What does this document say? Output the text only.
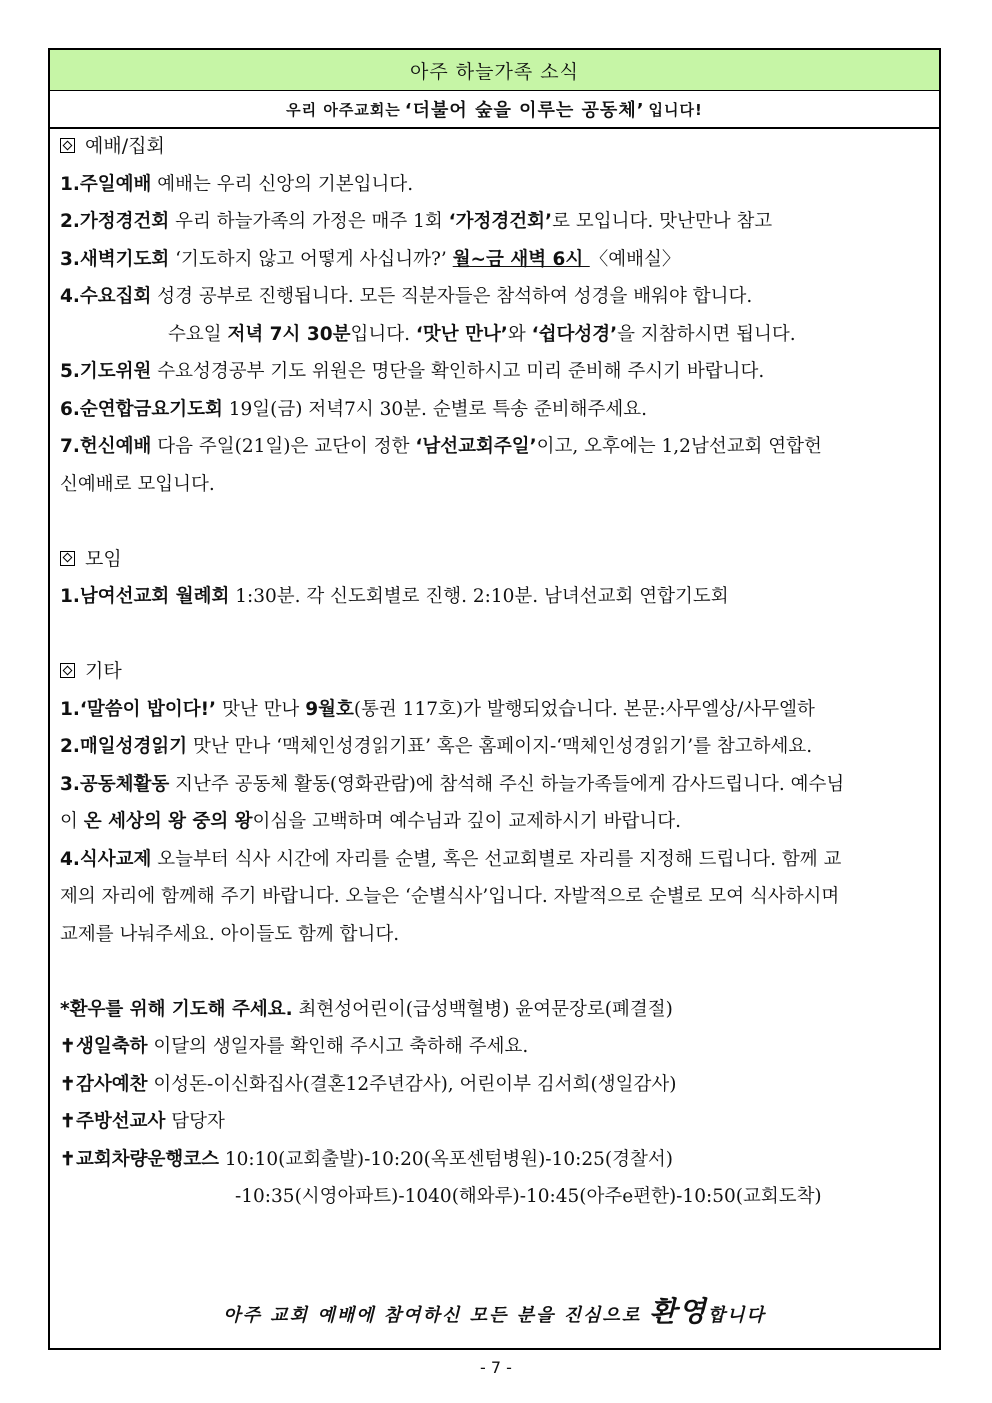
아주 하늘가족 소식
우리 아주교회는 ‘더불어 숲을 이루는 공동체’ 입니다!
예배/집회
1.주일예배 예배는 우리 신앙의 기본입니다.
2.가정경건회 우리 하늘가족의 가정은 매주 1회 ‘가정경건회’로 모입니다. 맛난만나 참고
3.새벽기도회 ‘기도하지 않고 어떻게 사십니까?’ 월~금 새벽 6시 〈예배실〉
4.수요집회 성경 공부로 진행됩니다. 모든 직분자들은 참석하여 성경을 배워야 합니다.
수요일 저녁 7시 30분입니다. ‘맛난 만나’와 ‘쉽다성경’을 지참하시면 됩니다.
5.기도위원 수요성경공부 기도 위원은 명단을 확인하시고 미리 준비해 주시기 바랍니다.
6.순연합금요기도회 19일(금) 저녁7시 30분. 순별로 특송 준비해주세요.
7.헌신예배 다음 주일(21일)은 교단이 정한 ‘남선교회주일’이고, 오후에는 1,2남선교회 연합헌
신예배로 모입니다.
모임
1.남여선교회 월례회 1:30분. 각 신도회별로 진행. 2:10분. 남녀선교회 연합기도회
기타
1.‘말씀이 밥이다!’ 맛난 만나 9월호(통권 117호)가 발행되었습니다. 본문:사무엘상/사무엘하
2.매일성경읽기 맛난 만나 ‘맥체인성경읽기표’ 혹은 홈페이지-‘맥체인성경읽기’를 참고하세요.
3.공동체활동 지난주 공동체 활동(영화관람)에 참석해 주신 하늘가족들에게 감사드립니다. 예수님
이 온 세상의 왕 중의 왕이심을 고백하며 예수님과 깊이 교제하시기 바랍니다.
4.식사교제 오늘부터 식사 시간에 자리를 순별, 혹은 선교회별로 자리를 지정해 드립니다. 함께 교
제의 자리에 함께해 주기 바랍니다. 오늘은 ‘순별식사’입니다. 자발적으로 순별로 모여 식사하시며
교제를 나눠주세요. 아이들도 함께 합니다.
*환우를 위해 기도해 주세요. 최현성어린이(급성백혈병) 윤여문장로(폐결절)
✝생일축하 이달의 생일자를 확인해 주시고 축하해 주세요.
✝감사예찬 이성돈-이신화집사(결혼12주년감사), 어린이부 김서희(생일감사)
✝주방선교사 담당자
✝교회차량운행코스 10:10(교회출발)-10:20(옥포센텀병원)-10:25(경찰서)
-10:35(시영아파트)-1040(해와루)-10:45(아주e편한)-10:50(교회도착)
아주 교회 예배에 참여하신 모든 분을 진심으로 환영합니다
- 7 -
